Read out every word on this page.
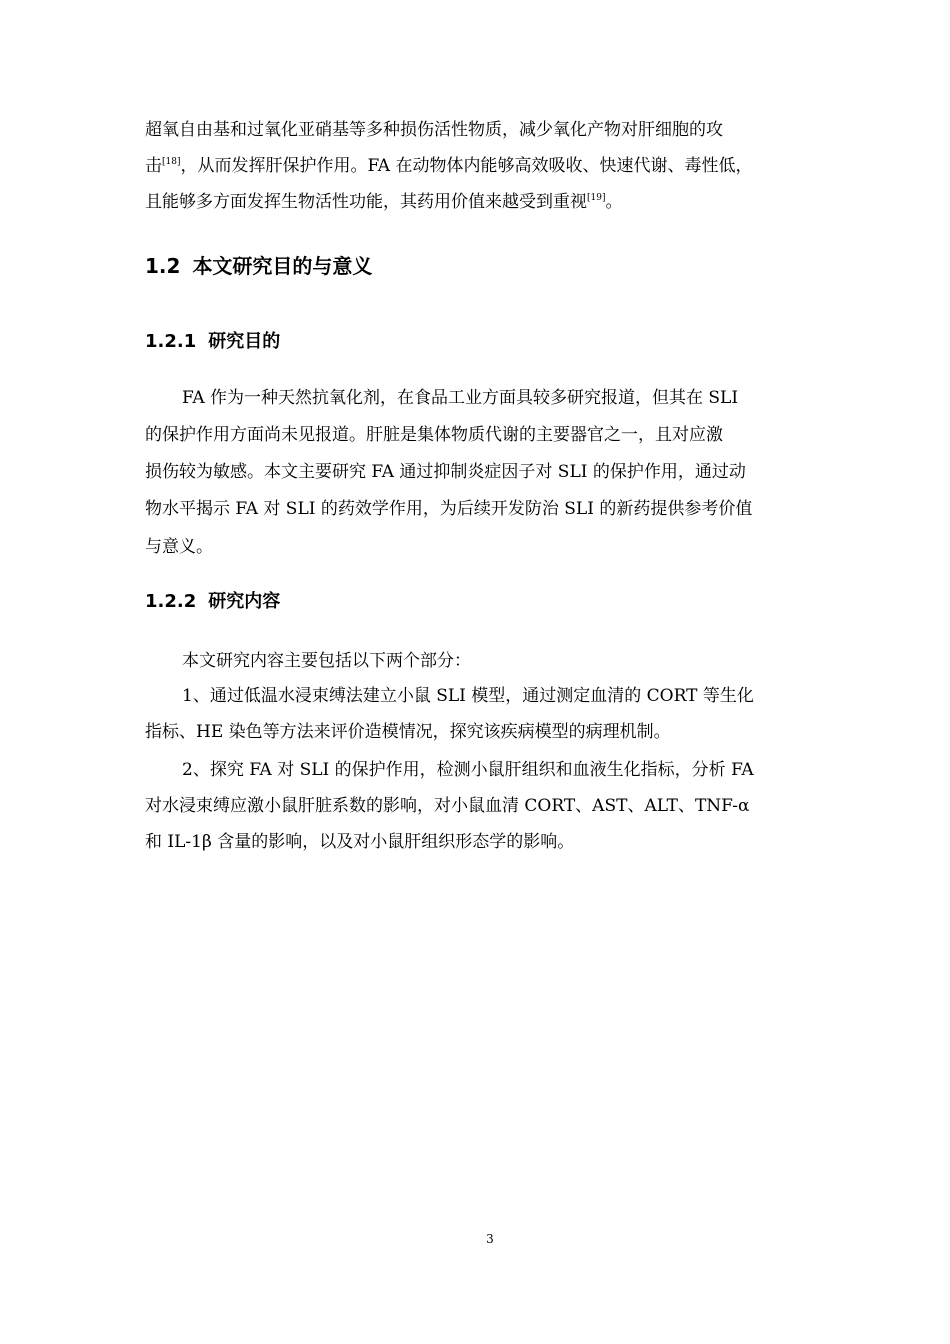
超氧自由基和过氧化亚硝基等多种损伤活性物质，减少氧化产物对肝细胞的攻
击[18]，从而发挥肝保护作用。FA 在动物体内能够高效吸收、快速代谢、毒性低，
且能够多方面发挥生物活性功能，其药用价值来越受到重视[19]。
1.2 本文研究目的与意义
1.2.1 研究目的
FA 作为一种天然抗氧化剂，在食品工业方面具较多研究报道，但其在 SLI
的保护作用方面尚未见报道。肝脏是集体物质代谢的主要器官之一，且对应激
损伤较为敏感。本文主要研究 FA 通过抑制炎症因子对 SLI 的保护作用，通过动
物水平揭示 FA 对 SLI 的药效学作用，为后续开发防治 SLI 的新药提供参考价值
与意义。
1.2.2 研究内容
本文研究内容主要包括以下两个部分：
1、通过低温水浸束缚法建立小鼠 SLI 模型，通过测定血清的 CORT 等生化
指标、HE 染色等方法来评价造模情况，探究该疾病模型的病理机制。
2、探究 FA 对 SLI 的保护作用，检测小鼠肝组织和血液生化指标，分析 FA
对水浸束缚应激小鼠肝脏系数的影响，对小鼠血清 CORT、AST、ALT、TNF-α
和 IL-1β 含量的影响，以及对小鼠肝组织形态学的影响。
3
